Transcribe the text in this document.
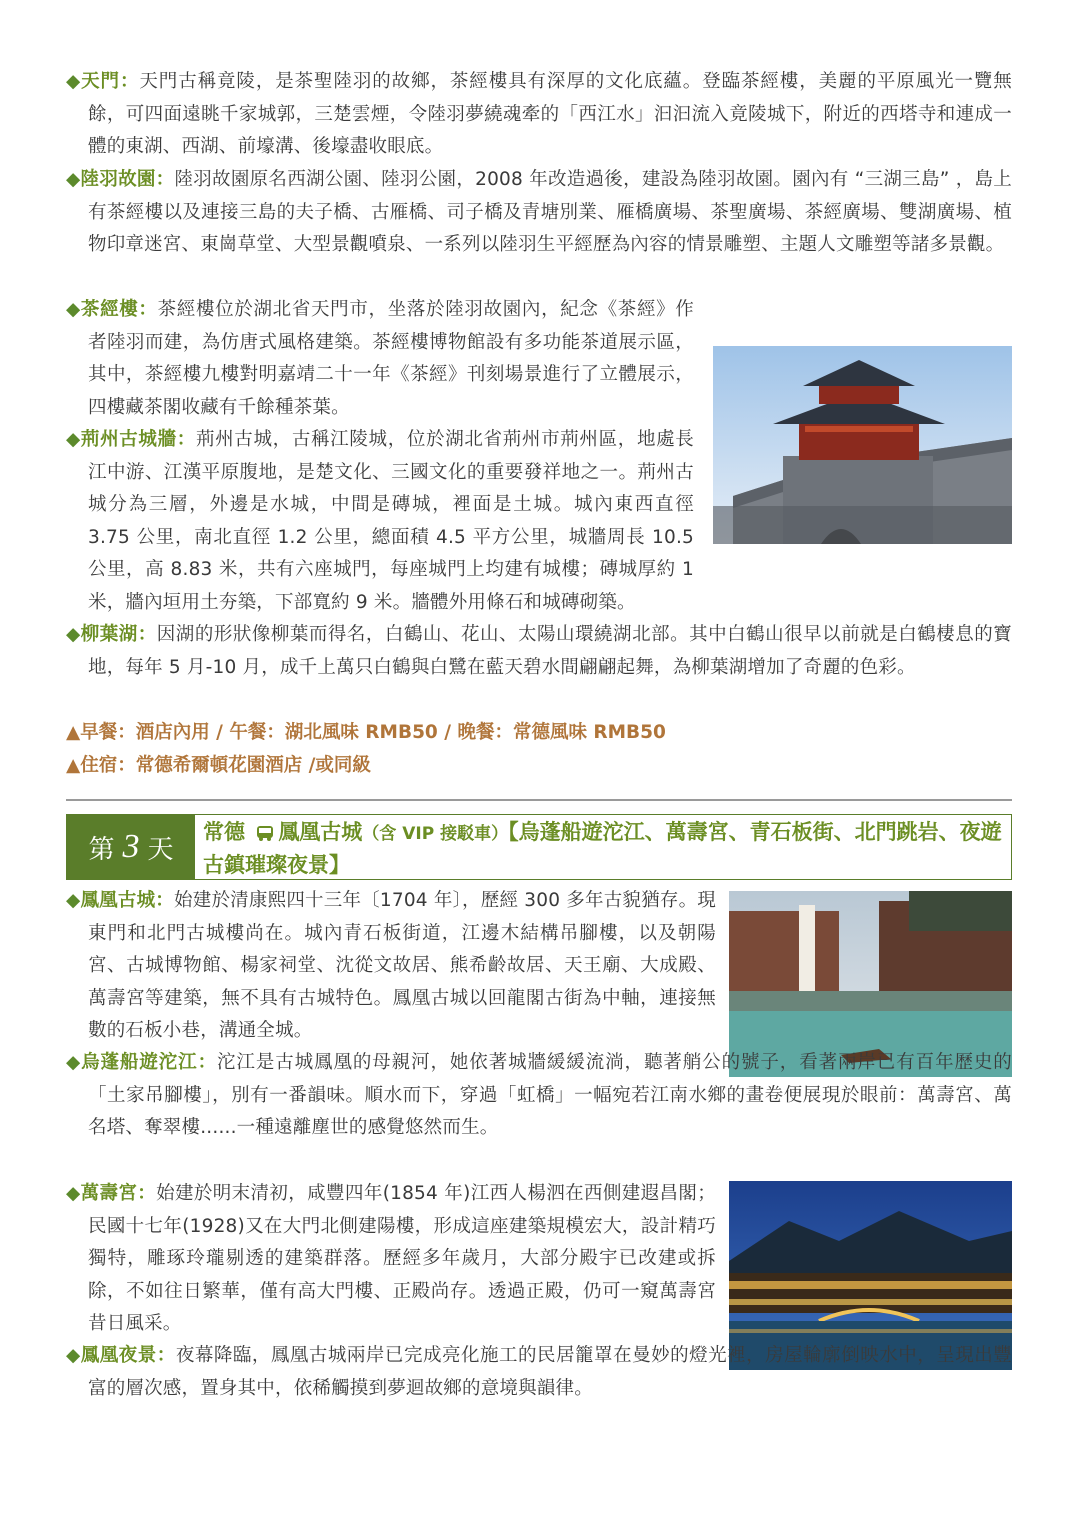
◆天門：天門古稱竟陵，是茶聖陸羽的故鄉，茶經樓具有深厚的文化底蘊。登臨茶經樓，美麗的平原風光一覽無餘，可四面遠眺千家城郭，三楚雲煙，令陸羽夢繞魂牽的「西江水」汩汩流入竟陵城下，附近的西塔寺和連成一體的東湖、西湖、前壕溝、後壕盡收眼底。
◆陸羽故園：陸羽故園原名西湖公園、陸羽公園，2008 年改造過後，建設為陸羽故園。園內有 “三湖三島” ，島上有茶經樓以及連接三島的夫子橋、古雁橋、司子橋及青塘別業、雁橋廣場、茶聖廣場、茶經廣場、雙湖廣場、植物印章迷宮、東崗草堂、大型景觀噴泉、一系列以陸羽生平經歷為內容的情景雕塑、主題人文雕塑等諸多景觀。
◆茶經樓：茶經樓位於湖北省天門市，坐落於陸羽故園內，紀念《茶經》作者陸羽而建，為仿唐式風格建築。茶經樓博物館設有多功能茶道展示區，其中，茶經樓九樓對明嘉靖二十一年《茶經》刊刻場景進行了立體展示，四樓藏茶閣收藏有千餘種茶葉。
◆荊州古城牆：荊州古城，古稱江陵城，位於湖北省荊州市荊州區，地處長江中游、江漢平原腹地，是楚文化、三國文化的重要發祥地之一。荊州古城分為三層，外邊是水城，中間是磚城，裡面是土城。城內東西直徑 3.75 公里，南北直徑 1.2 公里，總面積 4.5 平方公里，城牆周長 10.5 公里，高 8.83 米，共有六座城門，每座城門上均建有城樓；磚城厚約 1 米，牆內垣用土夯築，下部寬約 9 米。牆體外用條石和城磚砌築。
◆柳葉湖：因湖的形狀像柳葉而得名，白鶴山、花山、太陽山環繞湖北部。其中白鶴山很早以前就是白鶴棲息的寶地，每年 5 月-10 月，成千上萬只白鶴與白鷺在藍天碧水間翩翩起舞，為柳葉湖增加了奇麗的色彩。
▲早餐：酒店內用 / 午餐：湖北風味 RMB50 / 晚餐：常德風味 RMB50
▲住宿：常德希爾頓花園酒店 /或同級
第 3 天
常德 鳳凰古城（含 VIP 接駁車）【烏蓬船遊沱江、萬壽宮、青石板街、北門跳岩、夜遊古鎮璀璨夜景】
◆鳳凰古城：始建於清康熙四十三年〔1704 年〕，歷經 300 多年古貌猶存。現東門和北門古城樓尚在。城內青石板街道，江邊木結構吊腳樓，以及朝陽宮、古城博物館、楊家祠堂、沈從文故居、熊希齡故居、天王廟、大成殿、萬壽宮等建築，無不具有古城特色。鳳凰古城以回龍閣古街為中軸，連接無數的石板小巷，溝通全城。
◆烏蓬船遊沱江：沱江是古城鳳凰的母親河，她依著城牆緩緩流淌，聽著艄公的號子，看著兩岸已有百年歷史的「土家吊腳樓」，別有一番韻味。順水而下，穿過「虹橋」一幅宛若江南水鄉的畫卷便展現於眼前：萬壽宮、萬名塔、奪翠樓......一種遠離塵世的感覺悠然而生。
◆萬壽宮：始建於明末清初，咸豐四年(1854 年)江西人楊泗在西側建遐昌閣；民國十七年(1928)又在大門北側建陽樓，形成這座建築規模宏大，設計精巧獨特，雕琢玲瓏剔透的建築群落。歷經多年歲月，大部分殿宇已改建或拆除，不如往日繁華，僅有高大門樓、正殿尚存。透過正殿，仍可一窺萬壽宮昔日風采。
◆鳳凰夜景：夜幕降臨，鳳凰古城兩岸已完成亮化施工的民居籠罩在曼妙的燈光裡，房屋輪廓倒映水中，呈現出豐富的層次感，置身其中，依稀觸摸到夢迴故鄉的意境與韻律。
